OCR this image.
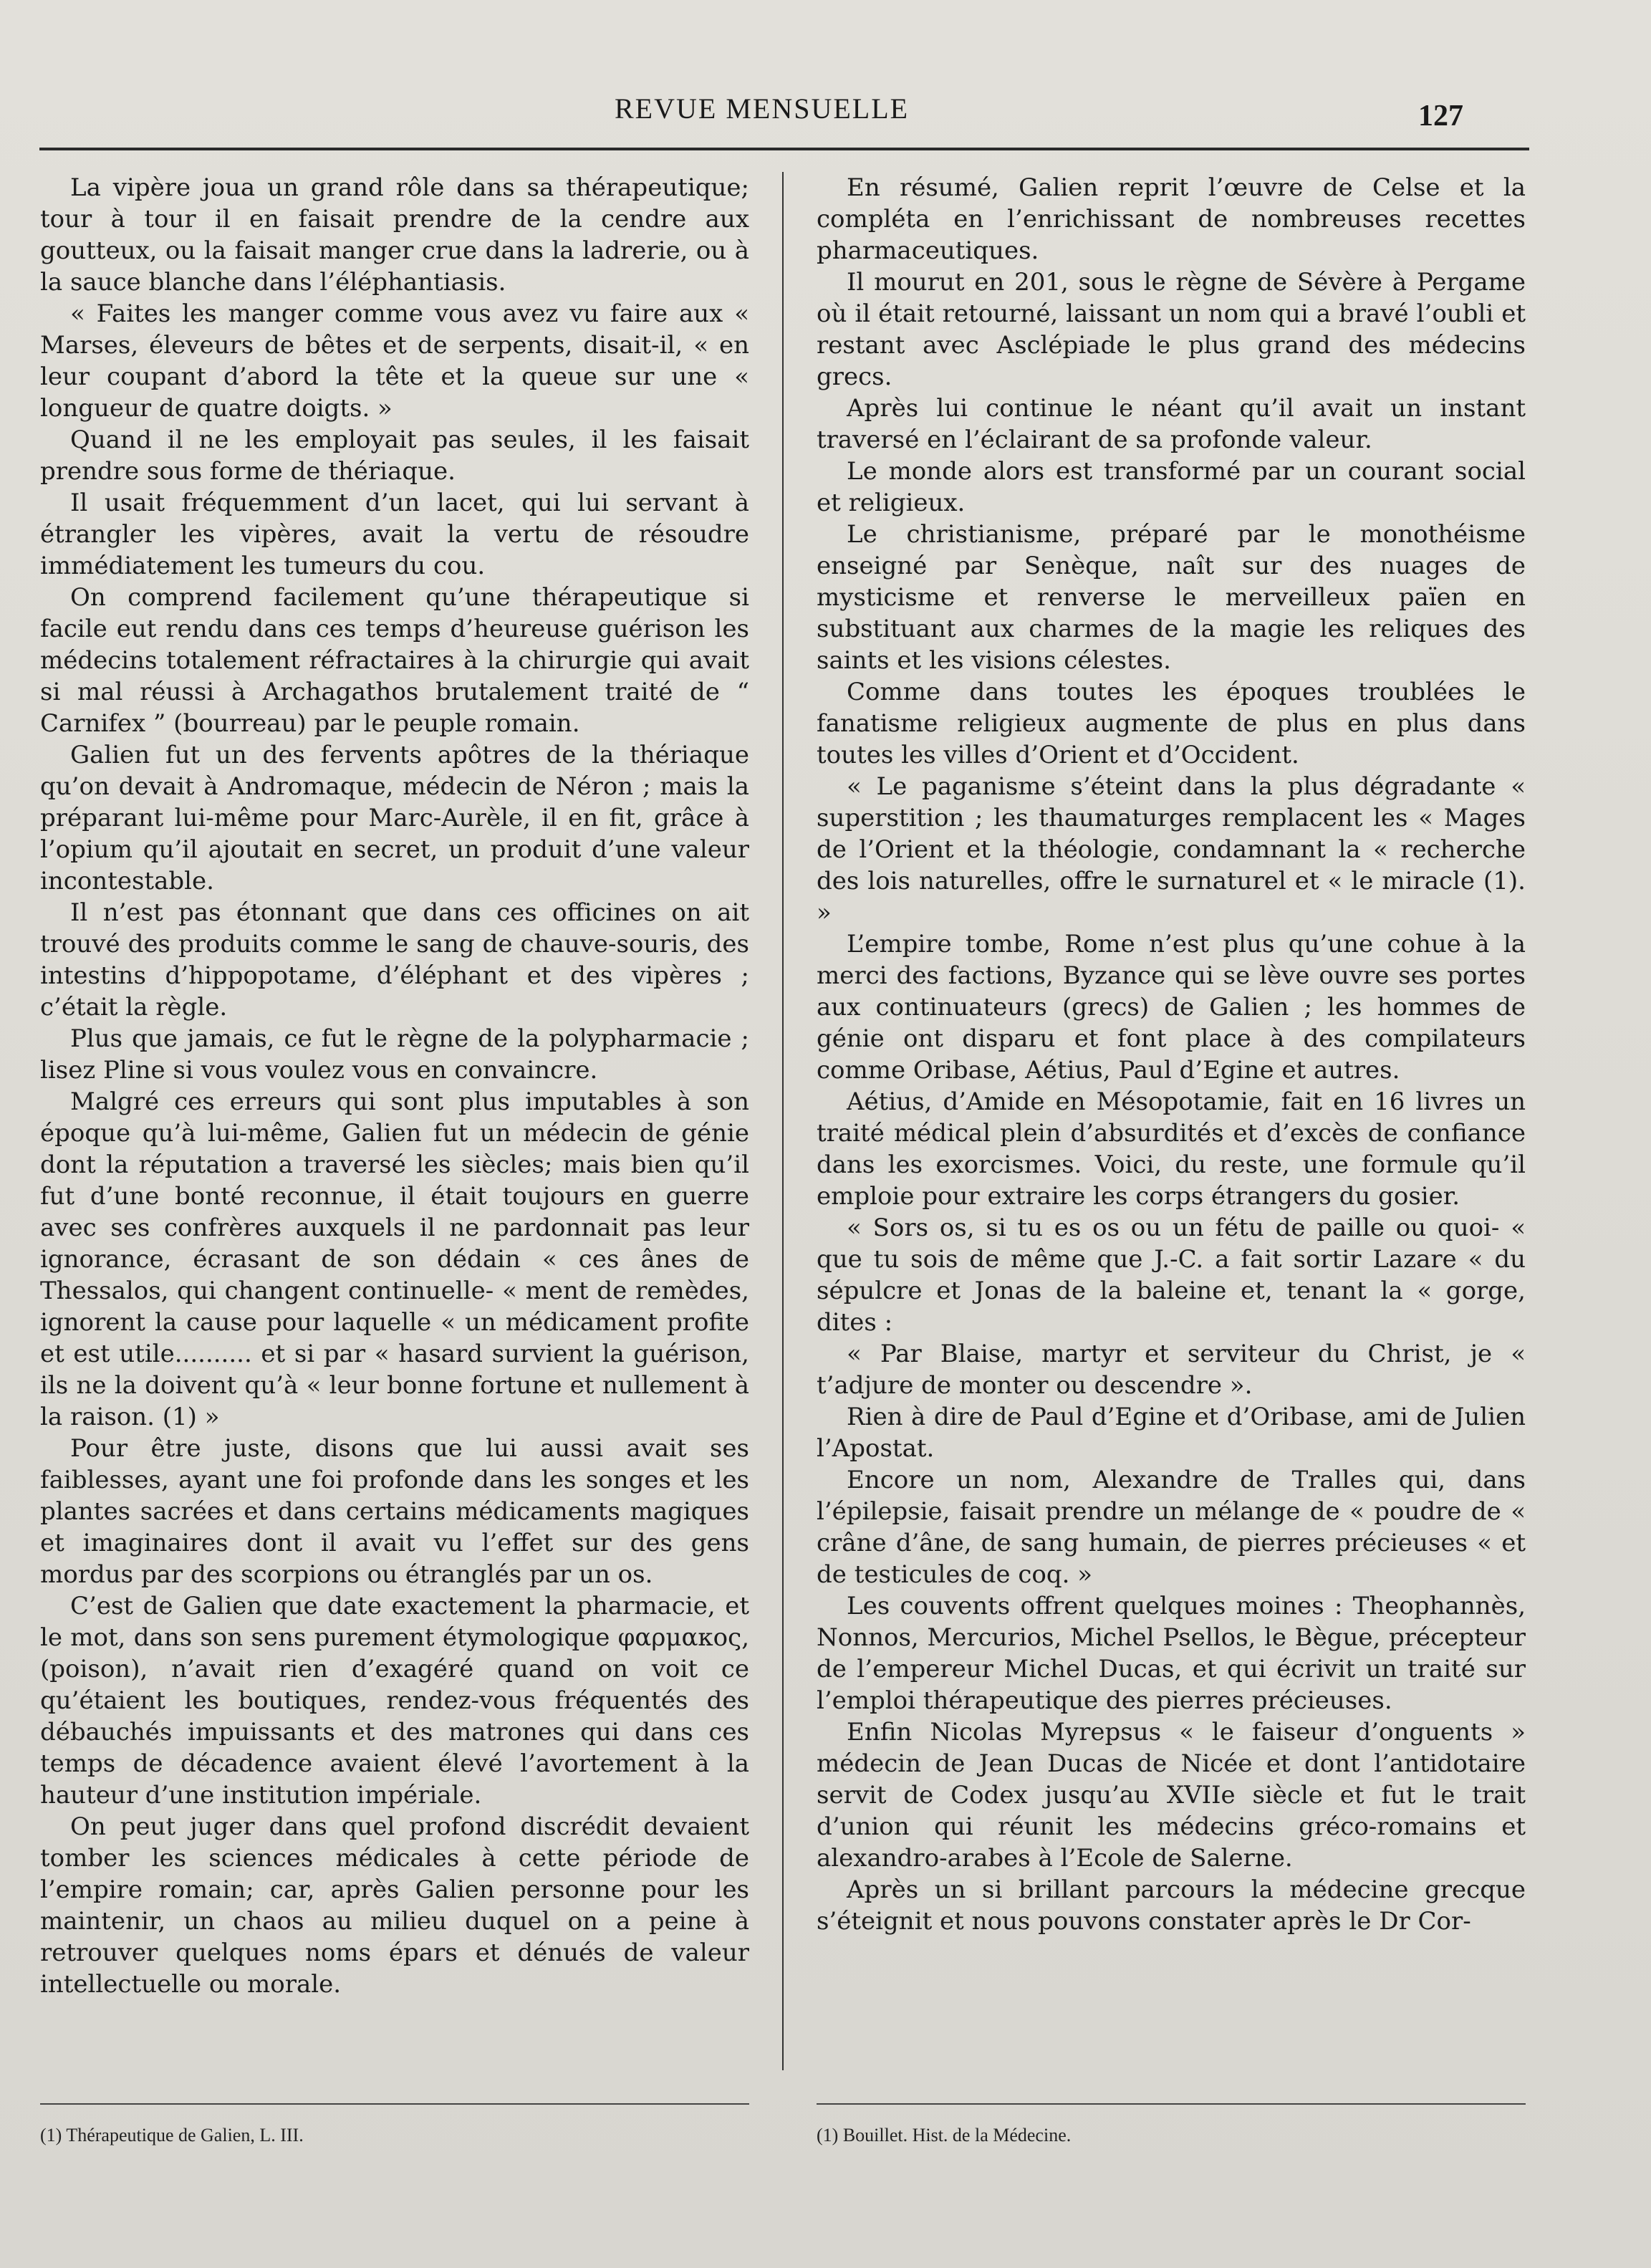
REVUE MENSUELLE	127

La vipère joua un grand rôle dans sa thérapeutique; tour à tour il en faisait prendre de la cendre aux goutteux, ou la faisait manger crue dans la ladrerie, ou à la sauce blanche dans l’éléphantiasis.

« Faites les manger comme vous avez vu faire aux « Marses, éleveurs de bêtes et de serpents, disait-il, « en leur coupant d’abord la tête et la queue sur une « longueur de quatre doigts. »

Quand il ne les employait pas seules, il les faisait prendre sous forme de thériaque.

Il usait fréquemment d’un lacet, qui lui servant à étrangler les vipères, avait la vertu de résoudre immédiatement les tumeurs du cou.

On comprend facilement qu’une thérapeutique si facile eut rendu dans ces temps d’heureuse guérison les médecins totalement réfractaires à la chirurgie qui avait si mal réussi à Archagathos brutalement traité de “ Carnifex ” (bourreau) par le peuple romain.

Galien fut un des fervents apôtres de la thériaque qu’on devait à Andromaque, médecin de Néron ; mais la préparant lui-même pour Marc-Aurèle, il en fit, grâce à l’opium qu’il ajoutait en secret, un produit d’une valeur incontestable.

Il n’est pas étonnant que dans ces officines on ait trouvé des produits comme le sang de chauve-souris, des intestins d’hippopotame, d’éléphant et des vipères ; c’était la règle.

Plus que jamais, ce fut le règne de la polypharmacie ; lisez Pline si vous voulez vous en convaincre.

Malgré ces erreurs qui sont plus imputables à son époque qu’à lui-même, Galien fut un médecin de génie dont la réputation a traversé les siècles; mais bien qu’il fut d’une bonté reconnue, il était toujours en guerre avec ses confrères auxquels il ne pardonnait pas leur ignorance, écrasant de son dédain « ces ânes de Thessalos, qui changent continuelle- « ment de remèdes, ignorent la cause pour laquelle « un médicament profite et est utile.......... et si par « hasard survient la guérison, ils ne la doivent qu’à « leur bonne fortune et nullement à la raison. (1) »

Pour être juste, disons que lui aussi avait ses faiblesses, ayant une foi profonde dans les songes et les plantes sacrées et dans certains médicaments magiques et imaginaires dont il avait vu l’effet sur des gens mordus par des scorpions ou étranglés par un os.

C’est de Galien que date exactement la pharmacie, et le mot, dans son sens purement étymologique φαρμακος, (poison), n’avait rien d’exagéré quand on voit ce qu’étaient les boutiques, rendez-vous fréquentés des débauchés impuissants et des matrones qui dans ces temps de décadence avaient élevé l’avortement à la hauteur d’une institution impériale.

On peut juger dans quel profond discrédit devaient tomber les sciences médicales à cette période de l’empire romain; car, après Galien personne pour les maintenir, un chaos au milieu duquel on a peine à retrouver quelques noms épars et dénués de valeur intellectuelle ou morale.

En résumé, Galien reprit l’œuvre de Celse et la compléta en l’enrichissant de nombreuses recettes pharmaceutiques.

Il mourut en 201, sous le règne de Sévère à Pergame où il était retourné, laissant un nom qui a bravé l’oubli et restant avec Asclépiade le plus grand des médecins grecs.

Après lui continue le néant qu’il avait un instant traversé en l’éclairant de sa profonde valeur.

Le monde alors est transformé par un courant social et religieux.

Le christianisme, préparé par le monothéisme enseigné par Senèque, naît sur des nuages de mysticisme et renverse le merveilleux païen en substituant aux charmes de la magie les reliques des saints et les visions célestes.

Comme dans toutes les époques troublées le fanatisme religieux augmente de plus en plus dans toutes les villes d’Orient et d’Occident.

« Le paganisme s’éteint dans la plus dégradante « superstition ; les thaumaturges remplacent les « Mages de l’Orient et la théologie, condamnant la « recherche des lois naturelles, offre le surnaturel et « le miracle (1). »

L’empire tombe, Rome n’est plus qu’une cohue à la merci des factions, Byzance qui se lève ouvre ses portes aux continuateurs (grecs) de Galien ; les hommes de génie ont disparu et font place à des compilateurs comme Oribase, Aétius, Paul d’Egine et autres.

Aétius, d’Amide en Mésopotamie, fait en 16 livres un traité médical plein d’absurdités et d’excès de confiance dans les exorcismes. Voici, du reste, une formule qu’il emploie pour extraire les corps étrangers du gosier.

« Sors os, si tu es os ou un fétu de paille ou quoi- « que tu sois de même que J.-C. a fait sortir Lazare « du sépulcre et Jonas de la baleine et, tenant la « gorge, dites :

« Par Blaise, martyr et serviteur du Christ, je « t’adjure de monter ou descendre ».

Rien à dire de Paul d’Egine et d’Oribase, ami de Julien l’Apostat.

Encore un nom, Alexandre de Tralles qui, dans l’épilepsie, faisait prendre un mélange de « poudre de « crâne d’âne, de sang humain, de pierres précieuses « et de testicules de coq. »

Les couvents offrent quelques moines : Theophannès, Nonnos, Mercurios, Michel Psellos, le Bègue, précepteur de l’empereur Michel Ducas, et qui écrivit un traité sur l’emploi thérapeutique des pierres précieuses.

Enfin Nicolas Myrepsus « le faiseur d’onguents » médecin de Jean Ducas de Nicée et dont l’antidotaire servit de Codex jusqu’au XVIIe siècle et fut le trait d’union qui réunit les médecins gréco-romains et alexandro-arabes à l’Ecole de Salerne.

Après un si brillant parcours la médecine grecque s’éteignit et nous pouvons constater après le Dr Cor-

(1) Thérapeutique de Galien, L. III.	(1) Bouillet. Hist. de la Médecine.
